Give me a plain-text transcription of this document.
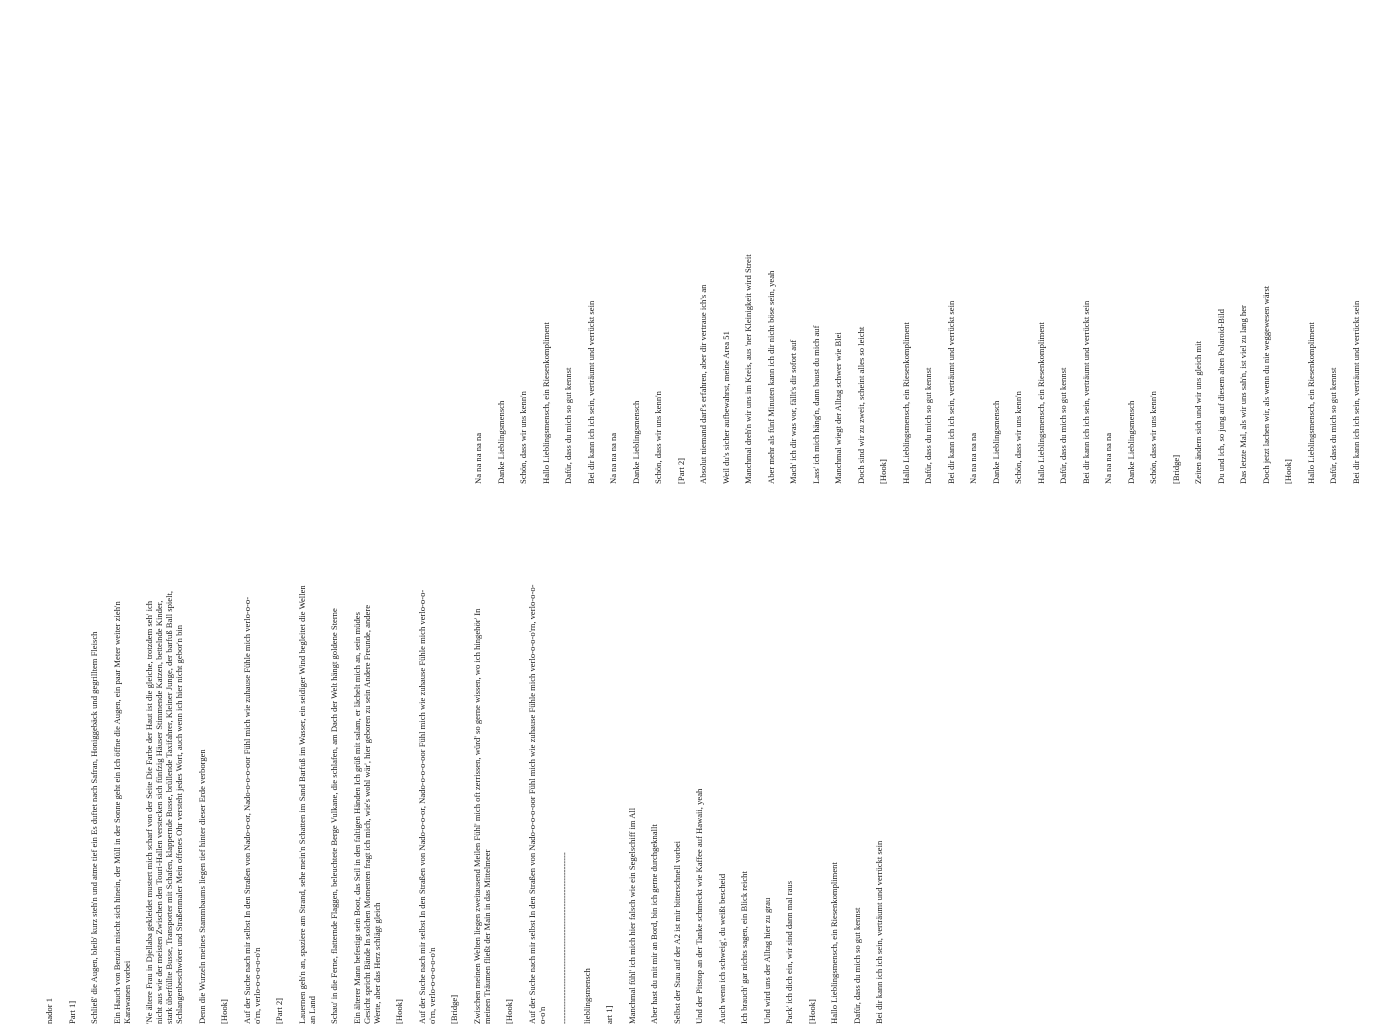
nador 1 Part 1] Schließ' die Augen, bleib' kurz steh'n und atme tief ein Es duftet nach Safran, Honiggebäck und gegrilltem Fleisch Ein Hauch von Benzin mischt sich hinein, der Müll in der Sonne geht ein Ich öffne die Augen, ein paar Meter weiter zieh'n Karawanen vorbei 'Ne ältere Frau in Djellaba gekleidet mustert mich scharf von der Seite Die Farbe der Haut ist die gleiche, trotzdem seh' ich nicht aus wie der meisten Zwischen den Touri-Hallen verstecken sich fünfzig Häuser Stimmende Katzen, bettelnde Kinder, stark überfüllte Busse, Transporter mit Schafen, klappernde Busse, brüllende Taxifahrer, Kleiner Junge, der barfuß Ball spielt, Schlangenbeschwörer und Straßenmaler Mein offenes Ohr versteht jedes Wort, auch wenn ich hier nicht gebor'n bin Denn die Wurzeln meines Stammbaums liegen tief hinter dieser Erde verborgen [Hook] Auf der Suche nach mir selbst In den Straßen von Nado-o-or, Nado-o-o-o-oor Fühl mich wie zuhause Fühle mich verlo-o-o-o'rn, verlo-o-o-o-o-o'n [Part 2] Lauernen geh'n an, spaziere am Strand, sehe mein'n Schatten im Sand Barfuß im Wasser, ein seidiger Wind begleitet die Wellen an Land Schau' in die Ferne, flatternde Flaggen, beleuchtete Berge Vulkane, die schlafen, am Dach der Welt hängt goldene Sterne Ein älterer Mann befestigt sein Boot, das Seil in den faltigen Händen Ich grüß mit salam, er lächelt mich an, sein müdes Gesicht spricht Bände In solchen Momenten fragt ich mich, wie's wohl wär', hier geboren zu sein Andere Freunde, andere Werte, aber das Herz schlägt gleich [Hook] Auf der Suche nach mir selbst In den Straßen von Nado-o-o-or, Nado-o-o-o-oor Fühl mich wie zuhause Fühle mich verlo-o-o-o'rn, verlo-o-o-o-o-o'n [Bridge] Zwischen meinen Welten liegen zweitausend Meilen Fühl' mich oft zerrissen, würd' so gerne wissen, wo ich hingehör' In meinen Träumen fließt der Main in das Mittelmeer [Hook] Auf der Suche nach mir selbst In den Straßen von Nado-o-o-o-oor Fühl mich wie zuhause Fühle mich verlo-o-o-o'rn, verlo-o-o-o-o'n ------------------------------------------------------------ lieblingsmensch art 1] Manchmal fühl' ich mich hier falsch wie ein Segelschiff im All Aber hast du mit mir an Bord, bin ich gerne durchgeknallt Selbst der Stau auf der A2 ist mir bitterschnell vorbei Und der Pitstop an der Tanke schmeckt wie Kaffee auf Hawaii, yeah Auch wenn ich schweig', du weißt bescheid Ich brauch' gar nichts sagen, ein Blick reicht Und wird uns der Alltag hier zu grau Pack' ich dich ein, wir sind dann mal raus [Hook] Hallo Lieblingsmensch, ein Riesenkompliment Dafür, dass du mich so gut kennst Bei dir kann ich ich sein, verträumt und verrückt sein
Na na na na na Danke Lieblingsmensch Schön, dass wir uns kenn'n Hallo Lieblingsmensch, ein Riesenkompliment Dafür, dass du mich so gut kennst Bei dir kann ich ich sein, verträumt und verrückt sein Na na na na na Danke Lieblingsmensch Schön, dass wir uns kenn'n [Part 2] Absolut niemand darf's erfahren, aber dir vertraue ich's an Weil du's sicher aufbewahrst, meine Area 51 Manchmal dreh'n wir uns im Kreis, aus 'ner Kleinigkeit wird Streit Aber mehr als fünf Minuten kann ich dir nicht böse sein, yeah Mach' ich dir was vor, fällt's dir sofort auf Lass' ich mich häng'n, dann baust du mich auf Manchmal wiegt der Alltag schwer wie Blei Doch sind wir zu zweit, scheint alles so leicht [Hook] Hallo Lieblingsmensch, ein Riesenkompliment Dafür, dass du mich so gut kennst Bei dir kann ich ich sein, verträumt und verrückt sein Na na na na na Danke Lieblingsmensch Schön, dass wir uns kenn'n Hallo Lieblingsmensch, ein Riesenkompliment Dafür, dass du mich so gut kennst Bei dir kann ich ich sein, verträumt und verrückt sein Na na na na na Danke Lieblingsmensch Schön, dass wir uns kenn'n [Bridge] Zeiten ändern sich und wir uns gleich mit Du und ich, so jung auf diesem alten Polaroid-Bild Das letzte Mal, als wir uns sah'n, ist viel zu lang her Doch jetzt lachen wir, als wenn du nie weggewesen wärst [Hook] Hallo Lieblingsmensch, ein Riesenkompliment Dafür, dass du mich so gut kennst Bei dir kann ich ich sein, verträumt und verrückt sein
